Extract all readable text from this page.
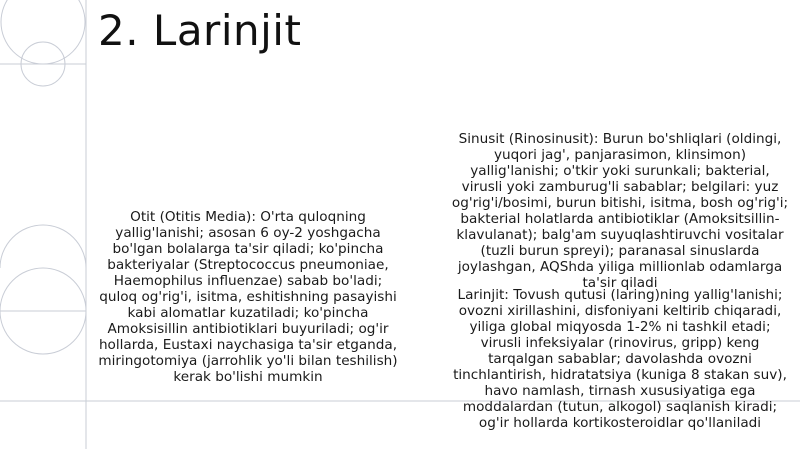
2. Larinjit

Otit (Otitis Media): O'rta quloqning yallig'lanishi; asosan 6 oy-2 yoshgacha bo'lgan bolalarga ta'sir qiladi; ko'pincha bakteriyalar (Streptococcus pneumoniae, Haemophilus influenzae) sabab bo'ladi; quloq og'rig'i, isitma, eshitishning pasayishi kabi alomatlar kuzatiladi; ko'pincha Amoksisillin antibiotiklari buyuriladi; og'ir hollarda, Eustaxi naychasiga ta'sir etganda, miringotomiya (jarrohlik yo'li bilan teshilish) kerak bo'lishi mumkin

Sinusit (Rinosinusit): Burun bo'shliqlari (oldingi, yuqori jag', panjarasimon, klinsimon) yallig'lanishi; o'tkir yoki surunkali; bakterial, virusli yoki zamburug'li sabablar; belgilari: yuz og'rig'i/bosimi, burun bitishi, isitma, bosh og'rig'i; bakterial holatlarda antibiotiklar (Amoksitsillin-klavulanat); balg'am suyuqlashtiruvchi vositalar (tuzli burun spreyi); paranasal sinuslarda joylashgan, AQShda yiliga millionlab odamlarga ta'sir qiladi

Larinjit: Tovush qutusi (laring)ning yallig'lanishi; ovozni xirillashini, disfoniyani keltirib chiqaradi, yiliga global miqyosda 1-2% ni tashkil etadi; virusli infeksiyalar (rinovirus, gripp) keng tarqalgan sabablar; davolashda ovozni tinchlantirish, hidratatsiya (kuniga 8 stakan suv), havo namlash, tirnash xususiyatiga ega moddalardan (tutun, alkogol) saqlanish kiradi; og'ir hollarda kortikosteroidlar qo'llaniladi
